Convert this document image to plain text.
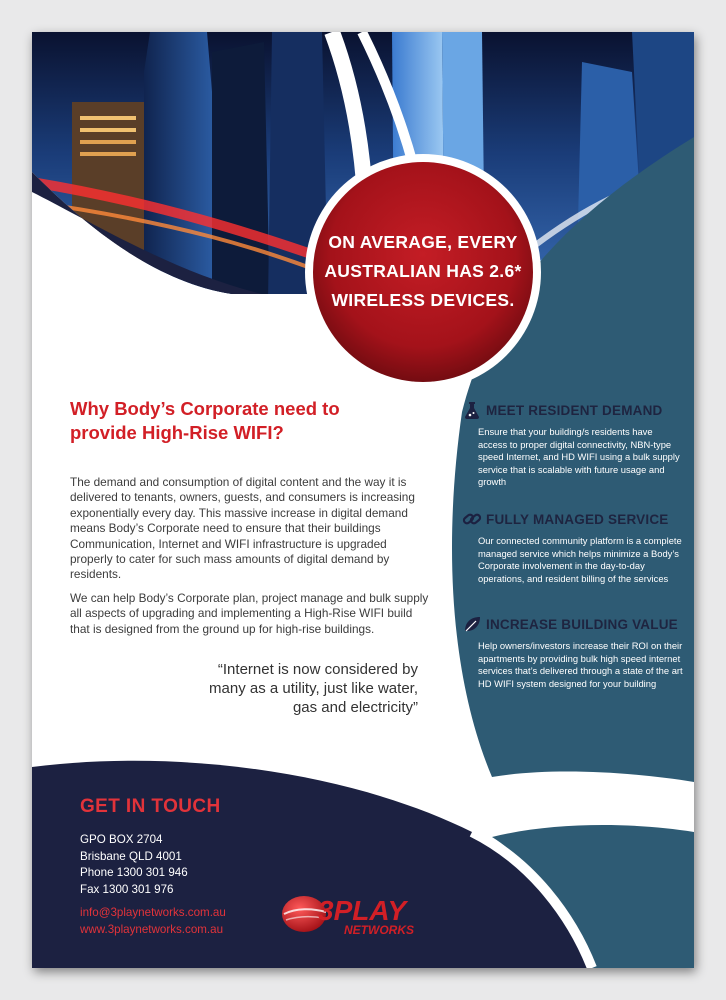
ON AVERAGE, EVERY
AUSTRALIAN HAS 2.6*
WIRELESS DEVICES.
Why Body’s Corporate need to
provide High-Rise WIFI?

The demand and consumption of digital content and the way it is delivered to tenants, owners, guests, and consumers is increasing exponentially every day. This massive increase in digital demand means Body’s Corporate need to ensure that their buildings Communication, Internet and WIFI infrastructure is upgraded properly to cater for such mass amounts of digital demand by residents.

We can help Body’s Corporate plan, project manage and bulk supply all aspects of upgrading and implementing a High-Rise WIFI build that is designed from the ground up for high-rise buildings.

“Internet is now considered by many as a utility, just like water, gas and electricity”
MEET RESIDENT DEMAND
Ensure that your building/s residents have access to proper digital connectivity, NBN-type speed Internet, and HD WIFI using a bulk supply service that is scalable with future usage and growth
FULLY MANAGED SERVICE
Our connected community platform is a complete managed service which helps minimize a Body’s Corporate involvement in the day-to-day operations, and resident billing of the services
INCREASE BUILDING VALUE
Help owners/investors increase their ROI on their apartments by providing bulk high speed internet services that’s delivered through a state of the art HD WIFI system designed for your building
GET IN TOUCH
GPO BOX 2704
Brisbane QLD 4001
Phone 1300 301 946
Fax 1300 301 976
info@3playnetworks.com.au
www.3playnetworks.com.au
3PLAY
NETWORKS
